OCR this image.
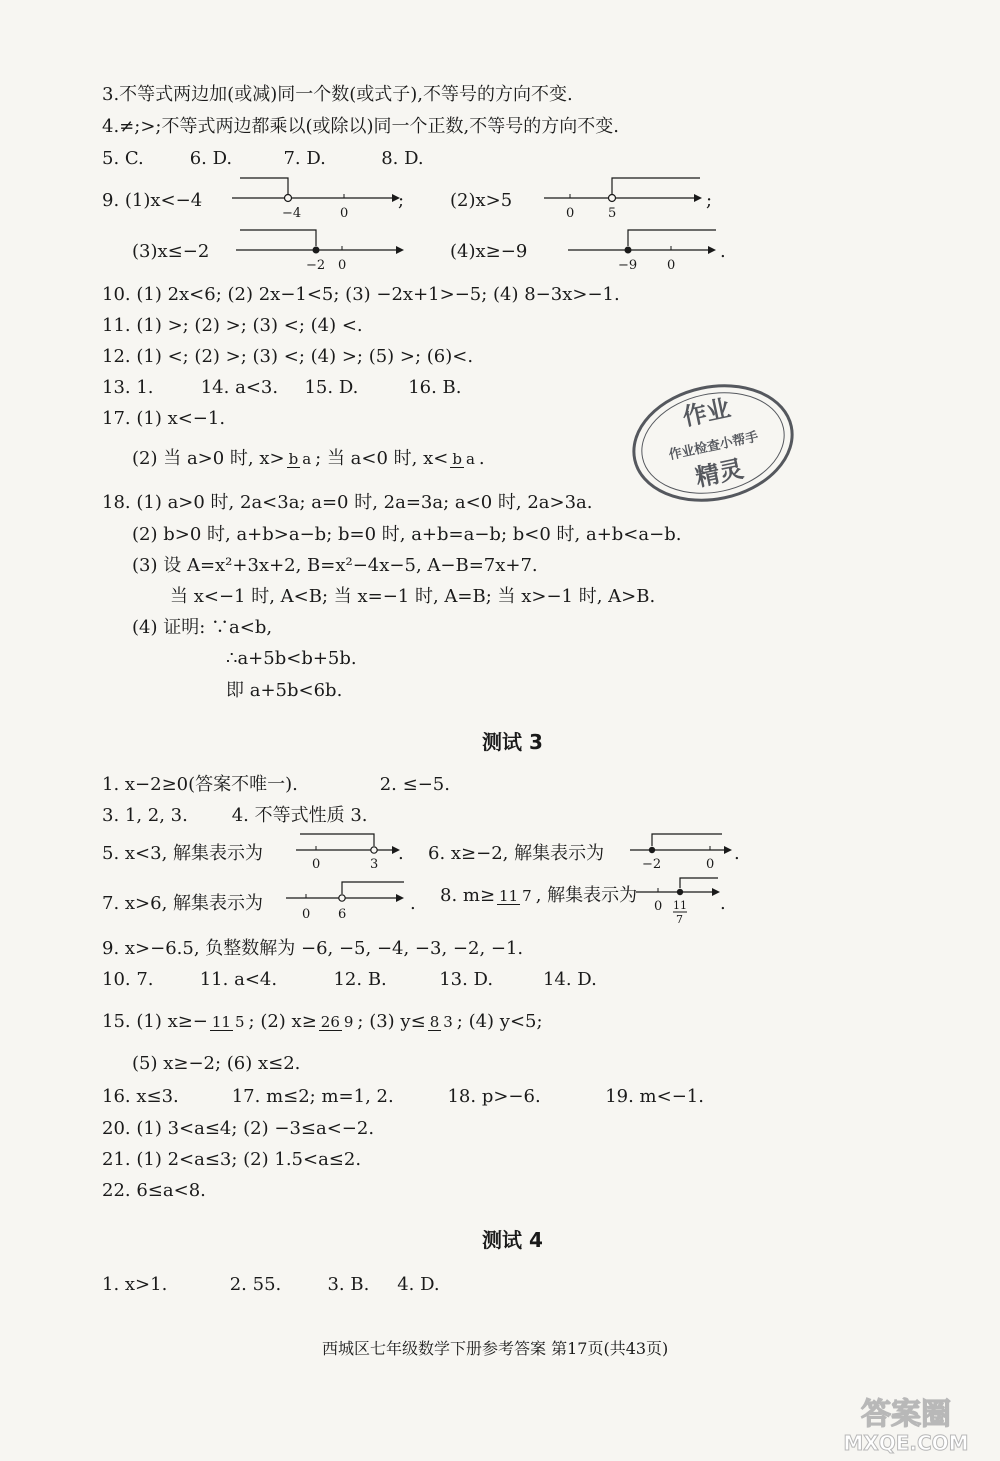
3.不等式两边加(或减)同一个数(或式子),不等号的方向不变.
4.≠;>;不等式两边都乘以(或除以)同一个正数,不等号的方向不变.
5. C.	6. D.	7. D.	8. D.
9. (1)x<−4
−4	0
;	(2)x>5
0	5
;
(3)x≤−2
−2 0
(4)x≥−9
−9 0
.
10. (1) 2x<6; (2) 2x−1<5; (3) −2x+1>−5; (4) 8−3x>−1.
11. (1) >; (2) >; (3) <; (4) <.
12. (1) <; (2) >; (3) <; (4) >; (5) >; (6)<.
13. 1.	14. a<3. 15. D.	16. B.
17. (1) x<−1.
(2) 当 a>0 时, x> b a ; 当 a<0 时, x< b a .
18. (1) a>0 时, 2a<3a; a=0 时, 2a=3a; a<0 时, 2a>3a.
(2) b>0 时, a+b>a−b; b=0 时, a+b=a−b; b<0 时, a+b<a−b.
(3) 设 A=x²+3x+2, B=x²−4x−5, A−B=7x+7.
当 x<−1 时, A<B; 当 x=−1 时, A=B; 当 x>−1 时, A>B.
(4) 证明: ∵a<b,
∴a+5b<b+5b.
即 a+5b<6b.
测试 3
1. x−2≥0(答案不唯一).	2. ≤−5.
3. 1, 2, 3. 4. 不等式性质 3.
5. x<3, 解集表示为
0	3
. 6. x≥−2, 解集表示为
−2	0
.
7. x>6, 解集表示为
0 6
. 8. m≥ 11 7 , 解集表示为
0 11
7
.
9. x>−6.5, 负整数解为 −6, −5, −4, −3, −2, −1.
10. 7.	11. a<4.	12. B.	13. D.	14. D.
15. (1) x≥− 11 5 ; (2) x≥ 26 9 ; (3) y≤ 8 3 ; (4) y<5;
(5) x≥−2; (6) x≤2.
16. x≤3.	17. m≤2; m=1, 2.	18. p>−6.	19. m<−1.
20. (1) 3<a≤4; (2) −3≤a<−2.
21. (1) 2<a≤3; (2) 1.5<a≤2.
22. 6≤a<8.
测试 4
1. x>1.	2. 55.	3. B. 4. D.
西城区七年级数学下册参考答案 第17页(共43页)
作业
作业检查小帮手
精灵
答案圈
MXQE.COM
